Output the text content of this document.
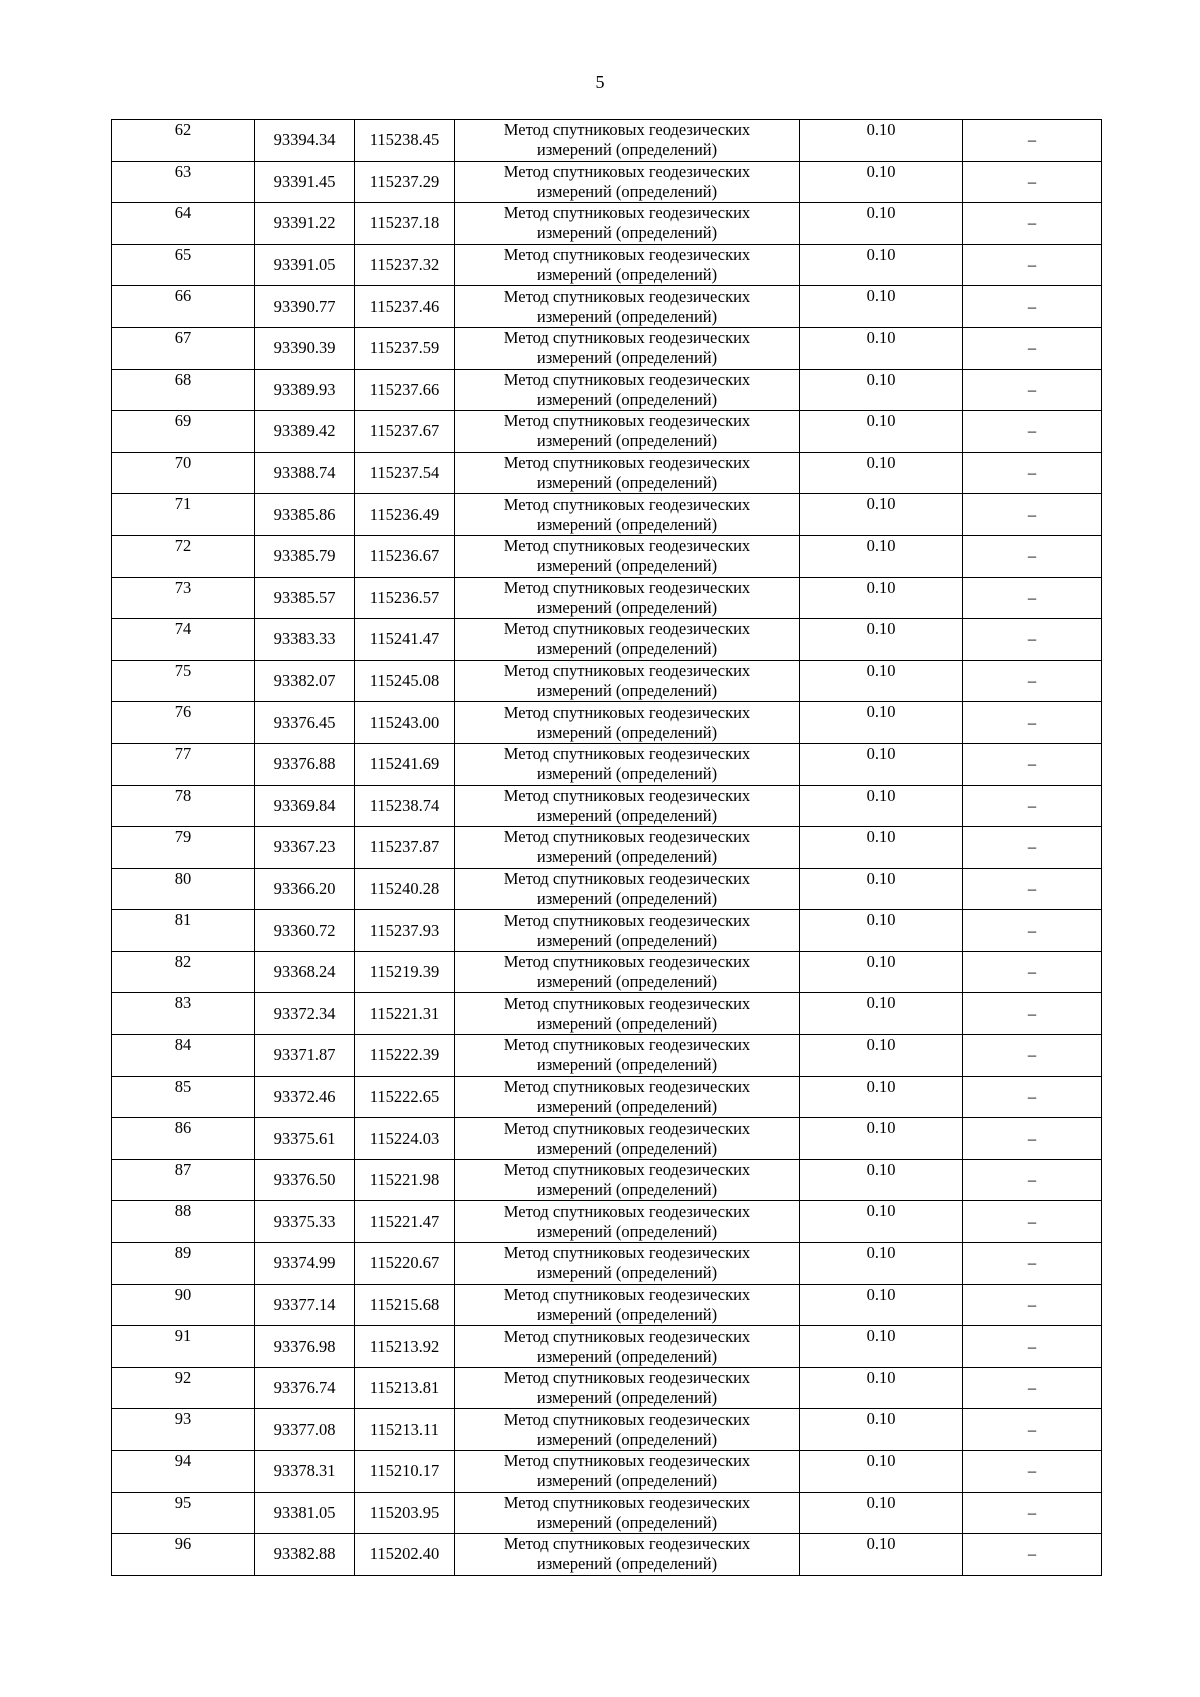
5
62	93394.34	115238.45	Метод спутниковых геодезических
измерений (определений)	0.10	–
63	93391.45	115237.29	Метод спутниковых геодезических
измерений (определений)	0.10	–
64	93391.22	115237.18	Метод спутниковых геодезических
измерений (определений)	0.10	–
65	93391.05	115237.32	Метод спутниковых геодезических
измерений (определений)	0.10	–
66	93390.77	115237.46	Метод спутниковых геодезических
измерений (определений)	0.10	–
67	93390.39	115237.59	Метод спутниковых геодезических
измерений (определений)	0.10	–
68	93389.93	115237.66	Метод спутниковых геодезических
измерений (определений)	0.10	–
69	93389.42	115237.67	Метод спутниковых геодезических
измерений (определений)	0.10	–
70	93388.74	115237.54	Метод спутниковых геодезических
измерений (определений)	0.10	–
71	93385.86	115236.49	Метод спутниковых геодезических
измерений (определений)	0.10	–
72	93385.79	115236.67	Метод спутниковых геодезических
измерений (определений)	0.10	–
73	93385.57	115236.57	Метод спутниковых геодезических
измерений (определений)	0.10	–
74	93383.33	115241.47	Метод спутниковых геодезических
измерений (определений)	0.10	–
75	93382.07	115245.08	Метод спутниковых геодезических
измерений (определений)	0.10	–
76	93376.45	115243.00	Метод спутниковых геодезических
измерений (определений)	0.10	–
77	93376.88	115241.69	Метод спутниковых геодезических
измерений (определений)	0.10	–
78	93369.84	115238.74	Метод спутниковых геодезических
измерений (определений)	0.10	–
79	93367.23	115237.87	Метод спутниковых геодезических
измерений (определений)	0.10	–
80	93366.20	115240.28	Метод спутниковых геодезических
измерений (определений)	0.10	–
81	93360.72	115237.93	Метод спутниковых геодезических
измерений (определений)	0.10	–
82	93368.24	115219.39	Метод спутниковых геодезических
измерений (определений)	0.10	–
83	93372.34	115221.31	Метод спутниковых геодезических
измерений (определений)	0.10	–
84	93371.87	115222.39	Метод спутниковых геодезических
измерений (определений)	0.10	–
85	93372.46	115222.65	Метод спутниковых геодезических
измерений (определений)	0.10	–
86	93375.61	115224.03	Метод спутниковых геодезических
измерений (определений)	0.10	–
87	93376.50	115221.98	Метод спутниковых геодезических
измерений (определений)	0.10	–
88	93375.33	115221.47	Метод спутниковых геодезических
измерений (определений)	0.10	–
89	93374.99	115220.67	Метод спутниковых геодезических
измерений (определений)	0.10	–
90	93377.14	115215.68	Метод спутниковых геодезических
измерений (определений)	0.10	–
91	93376.98	115213.92	Метод спутниковых геодезических
измерений (определений)	0.10	–
92	93376.74	115213.81	Метод спутниковых геодезических
измерений (определений)	0.10	–
93	93377.08	115213.11	Метод спутниковых геодезических
измерений (определений)	0.10	–
94	93378.31	115210.17	Метод спутниковых геодезических
измерений (определений)	0.10	–
95	93381.05	115203.95	Метод спутниковых геодезических
измерений (определений)	0.10	–
96	93382.88	115202.40	Метод спутниковых геодезических
измерений (определений)	0.10	–
